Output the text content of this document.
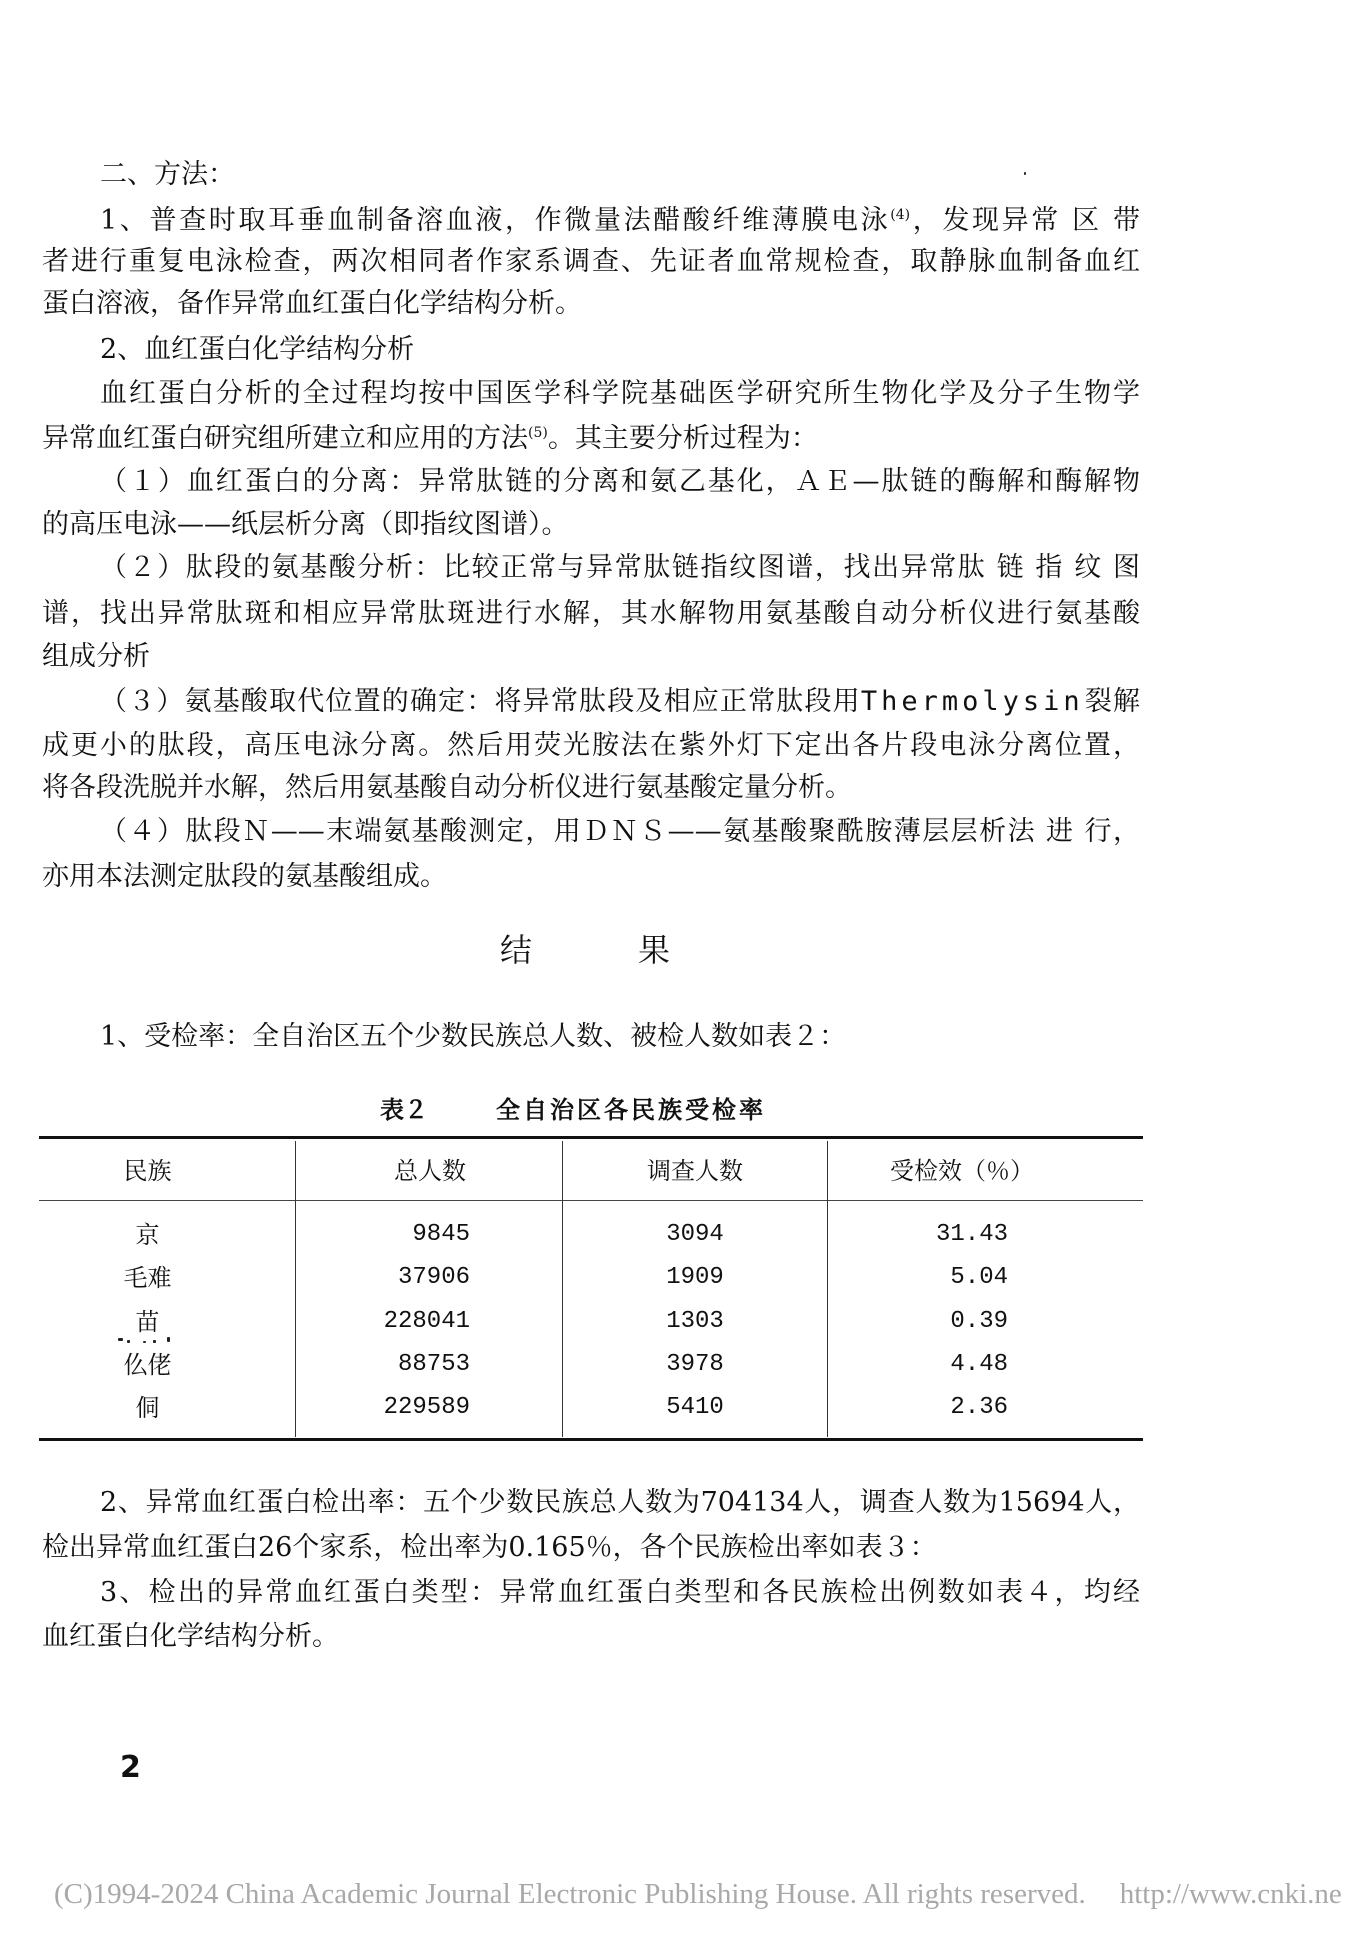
二、方法：
1、普查时取耳垂血制备溶血液，作微量法醋酸纤维薄膜电泳$^{(4)}$，发现异常 区 带
者进行重复电泳检查，两次相同者作家系调查、先证者血常规检查，取静脉血制备血红
蛋白溶液，备作异常血红蛋白化学结构分析。
2、血红蛋白化学结构分析
血红蛋白分析的全过程均按中国医学科学院基础医学研究所生物化学及分子生物学
异常血红蛋白研究组所建立和应用的方法$^{(5)}$。其主要分析过程为：
（１）血红蛋白的分离：异常肽链的分离和氨乙基化，ＡＥ—肽链的酶解和酶解物
的高压电泳——纸层析分离（即指纹图谱）。
（２）肽段的氨基酸分析：比较正常与异常肽链指纹图谱，找出异常肽 链 指 纹 图
谱，找出异常肽斑和相应异常肽斑进行水解，其水解物用氨基酸自动分析仪进行氨基酸
组成分析
（３）氨基酸取代位置的确定：将异常肽段及相应正常肽段用Thermolysin裂解
成更小的肽段，高压电泳分离。然后用荧光胺法在紫外灯下定出各片段电泳分离位置，
将各段洗脱并水解，然后用氨基酸自动分析仪进行氨基酸定量分析。
（４）肽段Ｎ——末端氨基酸测定，用ＤＮＳ——氨基酸聚酰胺薄层层析法 进 行，
亦用本法测定肽段的氨基酸组成。
结 果
1、受检率：全自治区五个少数民族总人数、被检人数如表２：
表２	全自治区各民族受检率
民族	总人数	调查人数	受检效（％）
京	9845	3094	31.43
毛难	37906	1909	5.04
苗	228041	1303	0.39
仫佬	88753	3978	4.48
侗	229589	5410	2.36
2、异常血红蛋白检出率：五个少数民族总人数为704134人，调查人数为15694人，
检出异常血红蛋白26个家系，检出率为0.165％，各个民族检出率如表３：
3、检出的异常血红蛋白类型：异常血红蛋白类型和各民族检出例数如表４，均经
血红蛋白化学结构分析。
2
(C)1994-2024 China Academic Journal Electronic Publishing House. All rights reserved. http://www.cnki.ne
